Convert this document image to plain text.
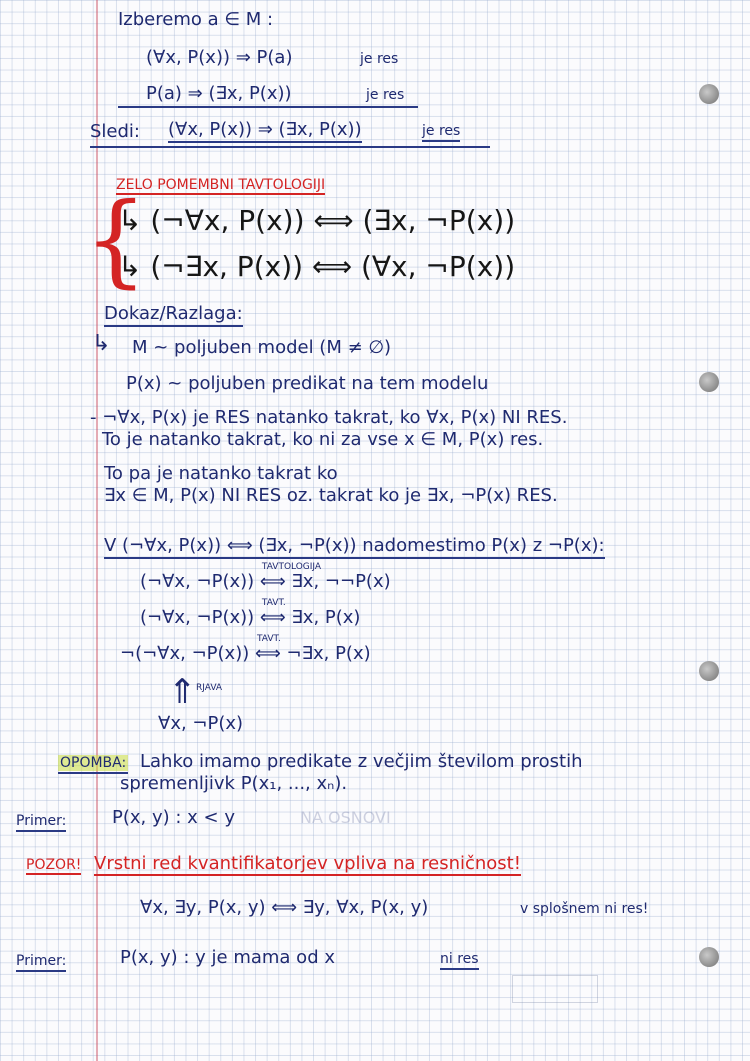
Izberemo a ∈ M :
(∀x, P(x)) ⇒ P(a)	je res
P(a) ⇒ (∃x, P(x))	je res
Sledi: (∀x, P(x)) ⇒ (∃x, P(x))	je res
ZELO POMEMBNI TAVTOLOGIJI
{
↳ (¬∀x, P(x)) ⟺ (∃x, ¬P(x))
↳ (¬∃x, P(x)) ⟺ (∀x, ¬P(x))
Dokaz/Razlaga:
↳ M ~ poljuben model (M ≠ ∅)
P(x) ~ poljuben predikat na tem modelu
- ¬∀x, P(x) je RES natanko takrat, ko ∀x, P(x) NI RES.
To je natanko takrat, ko ni za vse x ∈ M, P(x) res.
To pa je natanko takrat ko
∃x ∈ M, P(x) NI RES oz. takrat ko je ∃x, ¬P(x) RES.
V (¬∀x, P(x)) ⟺ (∃x, ¬P(x)) nadomestimo P(x) z ¬P(x):
(¬∀x, ¬P(x))
TAVTOLOGIJA
⟺ ∃x, ¬¬P(x)
(¬∀x, ¬P(x))
TAVT.
⟺ ∃x, P(x)
¬(¬∀x, ¬P(x))
TAVT.
⟺ ¬∃x, P(x)
⇑ RJAVA
∀x, ¬P(x)
OPOMBA: Lahko imamo predikate z večjim številom prostih
spremenljivk P(x₁, ..., xₙ).
Primer:	P(x, y) : x < y	NA OSNOVI
POZOR! Vrstni red kvantifikatorjev vpliva na resničnost!
∀x, ∃y, P(x, y) ⟺ ∃y, ∀x, P(x, y)	v splošnem ni res!
Primer:	P(x, y) : y je mama od x	ni res
